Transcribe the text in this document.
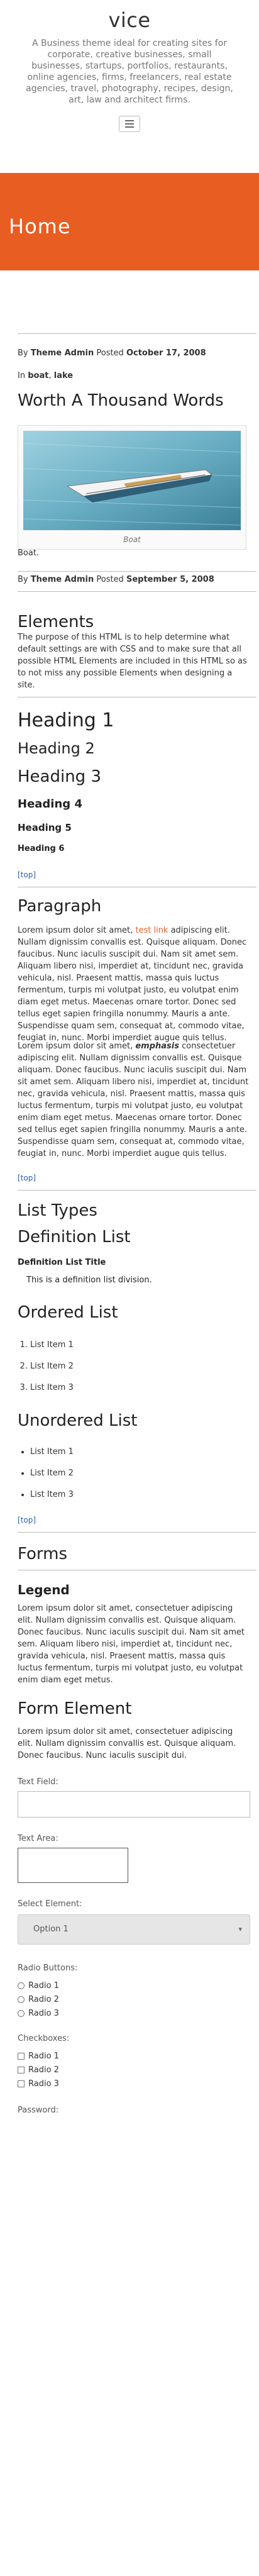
vice
A Business theme ideal for creating sites for corporate, creative businesses, small businesses, startups, portfolios, restaurants, online agencies, firms, freelancers, real estate agencies, travel, photography, recipes, design, art, law and architect firms.
Home
By Theme Admin Posted October 17, 2008
In boat, lake
Worth A Thousand Words
Boat
Boat.
By Theme Admin Posted September 5, 2008
Elements
The purpose of this HTML is to help determine what default settings are with CSS and to make sure that all possible HTML Elements are included in this HTML so as to not miss any possible Elements when designing a site.
Heading 1
Heading 2
Heading 3
Heading 4
Heading 5
Heading 6
[top]
Paragraph
Lorem ipsum dolor sit amet, test link adipiscing elit. Nullam dignissim convallis est. Quisque aliquam. Donec faucibus. Nunc iaculis suscipit dui. Nam sit amet sem. Aliquam libero nisi, imperdiet at, tincidunt nec, gravida vehicula, nisl. Praesent mattis, massa quis luctus fermentum, turpis mi volutpat justo, eu volutpat enim diam eget metus. Maecenas ornare tortor. Donec sed tellus eget sapien fringilla nonummy. Mauris a ante. Suspendisse quam sem, consequat at, commodo vitae, feugiat in, nunc. Morbi imperdiet augue quis tellus.
Lorem ipsum dolor sit amet, emphasis consectetuer adipiscing elit. Nullam dignissim convallis est. Quisque aliquam. Donec faucibus. Nunc iaculis suscipit dui. Nam sit amet sem. Aliquam libero nisi, imperdiet at, tincidunt nec, gravida vehicula, nisl. Praesent mattis, massa quis luctus fermentum, turpis mi volutpat justo, eu volutpat enim diam eget metus. Maecenas ornare tortor. Donec sed tellus eget sapien fringilla nonummy. Mauris a ante. Suspendisse quam sem, consequat at, commodo vitae, feugiat in, nunc. Morbi imperdiet augue quis tellus.
[top]
List Types
Definition List
Definition List Title
This is a definition list division.
Ordered List
1. List Item 1
2. List Item 2
3. List Item 3
Unordered List
• List Item 1
• List Item 2
• List Item 3
[top]
Forms
Legend
Lorem ipsum dolor sit amet, consectetuer adipiscing elit. Nullam dignissim convallis est. Quisque aliquam. Donec faucibus. Nunc iaculis suscipit dui. Nam sit amet sem. Aliquam libero nisi, imperdiet at, tincidunt nec, gravida vehicula, nisl. Praesent mattis, massa quis luctus fermentum, turpis mi volutpat justo, eu volutpat enim diam eget metus.
Form Element
Lorem ipsum dolor sit amet, consectetuer adipiscing elit. Nullam dignissim convallis est. Quisque aliquam. Donec faucibus. Nunc iaculis suscipit dui.
Text Field:
Text Area:
Select Element:
Option 1	▾
Radio Buttons:
Radio 1
Radio 2
Radio 3
Checkboxes:
Radio 1
Radio 2
Radio 3
Password:
